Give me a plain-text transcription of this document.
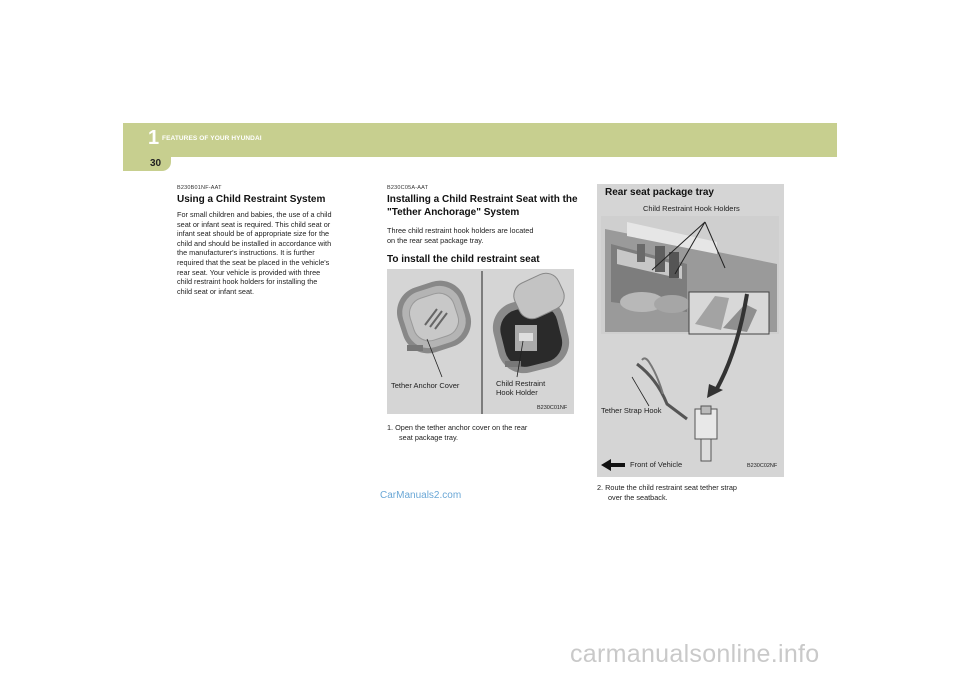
1 FEATURES OF YOUR HYUNDAI
30
B230B01NF-AAT
Using a Child Restraint System
For small children and babies, the use of a child
seat or infant seat is required. This child seat or
infant seat should be of appropriate size for the
child and should be installed in accordance with
the manufacturer's instructions. It is further
required that the seat be placed in the vehicle's
rear seat. Your vehicle is provided with three
child restraint hook holders for installing the
child seat or infant seat.
B230C05A-AAT
Installing a Child Restraint Seat with the
"Tether Anchorage" System
Three child restraint hook holders are located
on the rear seat package tray.
To install the child restraint seat
Tether Anchor Cover	Child Restraint
Hook Holder
B230C01NF
1. Open the tether anchor cover on the rear
seat package tray.
Rear seat package tray
Child Restraint Hook Holders
Tether Strap Hook
Front of Vehicle	B230C02NF
2. Route the child restraint seat tether strap
over the seatback.
CarManuals2.com
carmanualsonline.info
